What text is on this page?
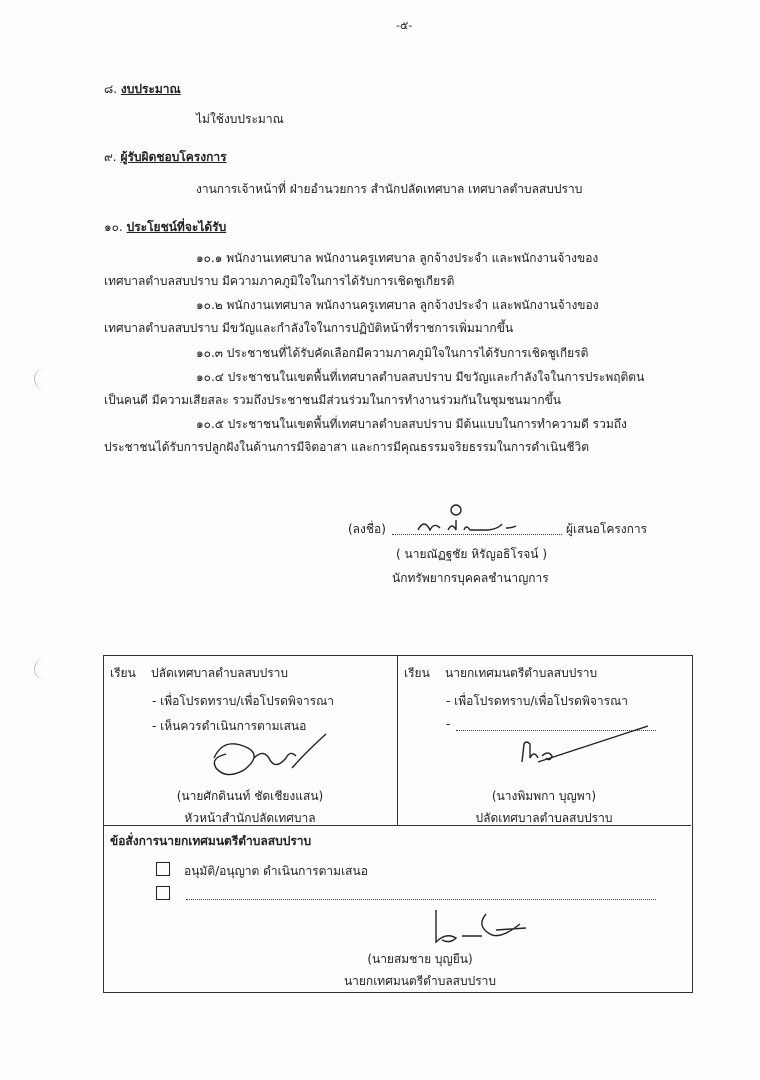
-๕-
๘. งบประมาณ
ไม่ใช้งบประมาณ
๙. ผู้รับผิดชอบโครงการ
งานการเจ้าหน้าที่ ฝ่ายอำนวยการ สำนักปลัดเทศบาล เทศบาลตำบลสบปราบ
๑๐. ประโยชน์ที่จะได้รับ
๑๐.๑ พนักงานเทศบาล พนักงานครูเทศบาล ลูกจ้างประจำ และพนักงานจ้างของ
เทศบาลตำบลสบปราบ มีความภาคภูมิใจในการได้รับการเชิดชูเกียรติ
๑๐.๒ พนักงานเทศบาล พนักงานครูเทศบาล ลูกจ้างประจำ และพนักงานจ้างของ
เทศบาลตำบลสบปราบ มีขวัญและกำลังใจในการปฏิบัติหน้าที่ราชการเพิ่มมากขึ้น
๑๐.๓ ประชาชนที่ได้รับคัดเลือกมีความภาคภูมิใจในการได้รับการเชิดชูเกียรติ
๑๐.๔ ประชาชนในเขตพื้นที่เทศบาลตำบลสบปราบ มีขวัญและกำลังใจในการประพฤติตน
เป็นคนดี มีความเสียสละ รวมถึงประชาชนมีส่วนร่วมในการทำงานร่วมกันในชุมชนมากขึ้น
๑๐.๕ ประชาชนในเขตพื้นที่เทศบาลตำบลสบปราบ มีต้นแบบในการทำความดี รวมถึง
ประชาชนได้รับการปลูกฝังในด้านการมีจิตอาสา และการมีคุณธรรมจริยธรรมในการดำเนินชีวิต
(ลงชื่อ)	ผู้เสนอโครงการ
( นายณัฏฐชัย หิรัญอธิโรจน์ )
นักทรัพยากรบุคคลชำนาญการ
เรียน ปลัดเทศบาลตำบลสบปราบ
- เพื่อโปรดทราบ/เพื่อโปรดพิจารณา
- เห็นควรดำเนินการตามเสนอ
(นายศักดินนท์ ชัดเชียงแสน)
หัวหน้าสำนักปลัดเทศบาล
เรียน นายกเทศมนตรีตำบลสบปราบ
- เพื่อโปรดทราบ/เพื่อโปรดพิจารณา
-
(นางพิมพกา บุญพา)
ปลัดเทศบาลตำบลสบปราบ
ข้อสั่งการนายกเทศมนตรีตำบลสบปราบ
อนุมัติ/อนุญาต ดำเนินการตามเสนอ
(นายสมชาย บุญยืน)
นายกเทศมนตรีตำบลสบปราบ
